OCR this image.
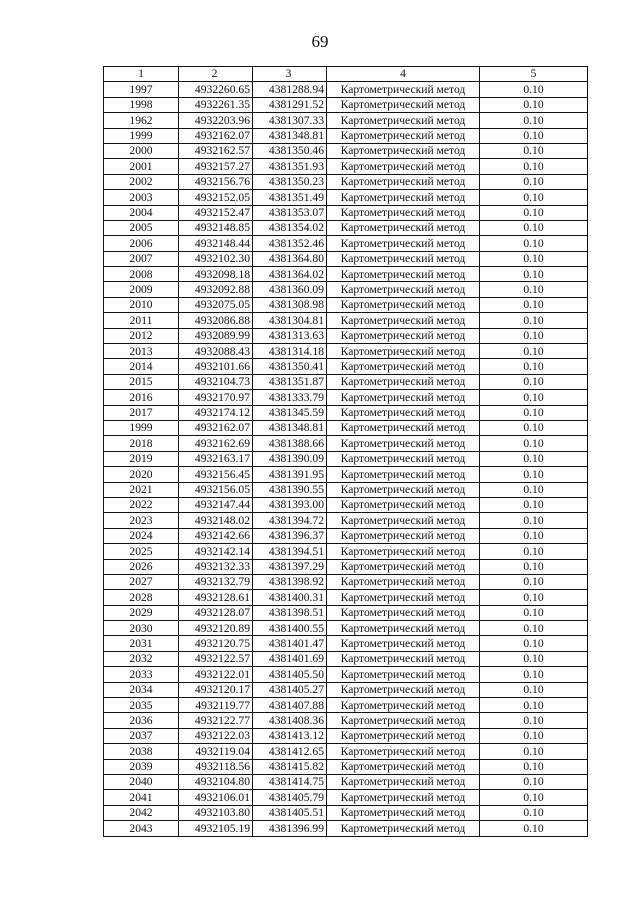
69
1	2	3	4	5
1997	4932260.65	4381288.94	Картометрический метод	0.10
1998	4932261.35	4381291.52	Картометрический метод	0.10
1962	4932203.96	4381307.33	Картометрический метод	0.10
1999	4932162.07	4381348.81	Картометрический метод	0.10
2000	4932162.57	4381350.46	Картометрический метод	0.10
2001	4932157.27	4381351.93	Картометрический метод	0.10
2002	4932156.76	4381350.23	Картометрический метод	0.10
2003	4932152.05	4381351.49	Картометрический метод	0.10
2004	4932152.47	4381353.07	Картометрический метод	0.10
2005	4932148.85	4381354.02	Картометрический метод	0.10
2006	4932148.44	4381352.46	Картометрический метод	0.10
2007	4932102.30	4381364.80	Картометрический метод	0.10
2008	4932098.18	4381364.02	Картометрический метод	0.10
2009	4932092.88	4381360.09	Картометрический метод	0.10
2010	4932075.05	4381308.98	Картометрический метод	0.10
2011	4932086.88	4381304.81	Картометрический метод	0.10
2012	4932089.99	4381313.63	Картометрический метод	0.10
2013	4932088.43	4381314.18	Картометрический метод	0.10
2014	4932101.66	4381350.41	Картометрический метод	0.10
2015	4932104.73	4381351.87	Картометрический метод	0.10
2016	4932170.97	4381333.79	Картометрический метод	0.10
2017	4932174.12	4381345.59	Картометрический метод	0.10
1999	4932162.07	4381348.81	Картометрический метод	0.10
2018	4932162.69	4381388.66	Картометрический метод	0.10
2019	4932163.17	4381390.09	Картометрический метод	0.10
2020	4932156.45	4381391.95	Картометрический метод	0.10
2021	4932156.05	4381390.55	Картометрический метод	0.10
2022	4932147.44	4381393.00	Картометрический метод	0.10
2023	4932148.02	4381394.72	Картометрический метод	0.10
2024	4932142.66	4381396.37	Картометрический метод	0.10
2025	4932142.14	4381394.51	Картометрический метод	0.10
2026	4932132.33	4381397.29	Картометрический метод	0.10
2027	4932132.79	4381398.92	Картометрический метод	0.10
2028	4932128.61	4381400.31	Картометрический метод	0.10
2029	4932128.07	4381398.51	Картометрический метод	0.10
2030	4932120.89	4381400.55	Картометрический метод	0.10
2031	4932120.75	4381401.47	Картометрический метод	0.10
2032	4932122.57	4381401.69	Картометрический метод	0.10
2033	4932122.01	4381405.50	Картометрический метод	0.10
2034	4932120.17	4381405.27	Картометрический метод	0.10
2035	4932119.77	4381407.88	Картометрический метод	0.10
2036	4932122.77	4381408.36	Картометрический метод	0.10
2037	4932122.03	4381413.12	Картометрический метод	0.10
2038	4932119.04	4381412.65	Картометрический метод	0.10
2039	4932118.56	4381415.82	Картометрический метод	0.10
2040	4932104.80	4381414.75	Картометрический метод	0.10
2041	4932106.01	4381405.79	Картометрический метод	0.10
2042	4932103.80	4381405.51	Картометрический метод	0.10
2043	4932105.19	4381396.99	Картометрический метод	0.10
